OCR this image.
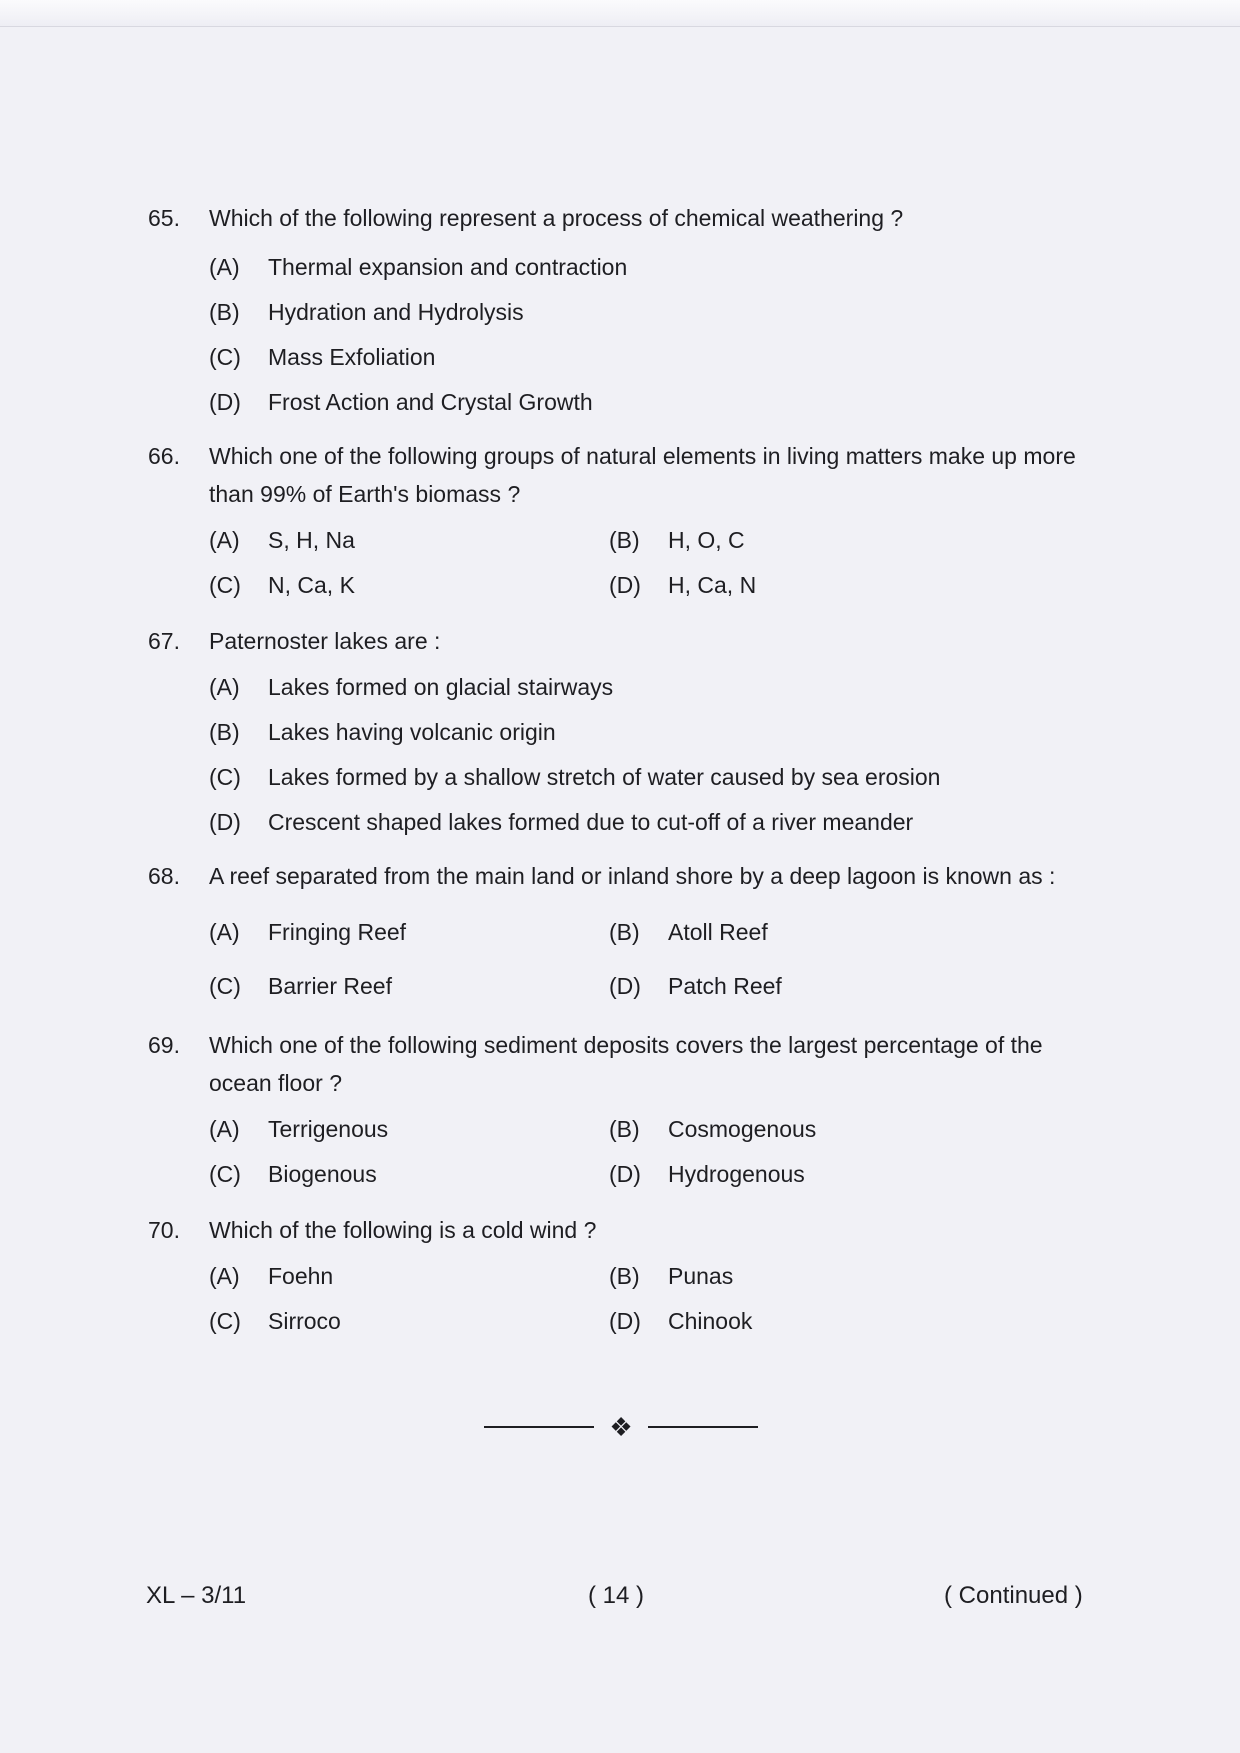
65.	Which of the following represent a process of chemical weathering ?
(A)	Thermal expansion and contraction
(B)	Hydration and Hydrolysis
(C)	Mass Exfoliation
(D)	Frost Action and Crystal Growth
66.	Which one of the following groups of natural elements in living matters make up more than 99% of Earth's biomass ?
(A)	S, H, Na	(B)	H, O, C
(C)	N, Ca, K	(D)	H, Ca, N
67.	Paternoster lakes are :
(A)	Lakes formed on glacial stairways
(B)	Lakes having volcanic origin
(C)	Lakes formed by a shallow stretch of water caused by sea erosion
(D)	Crescent shaped lakes formed due to cut-off of a river meander
68.	A reef separated from the main land or inland shore by a deep lagoon is known as :
(A)	Fringing Reef	(B)	Atoll Reef
(C)	Barrier Reef	(D)	Patch Reef
69.	Which one of the following sediment deposits covers the largest percentage of the ocean floor ?
(A)	Terrigenous	(B)	Cosmogenous
(C)	Biogenous	(D)	Hydrogenous
70.	Which of the following is a cold wind ?
(A)	Foehn	(B)	Punas
(C)	Sirroco	(D)	Chinook
❖
XL – 3/11	( 14 )	( Continued )
